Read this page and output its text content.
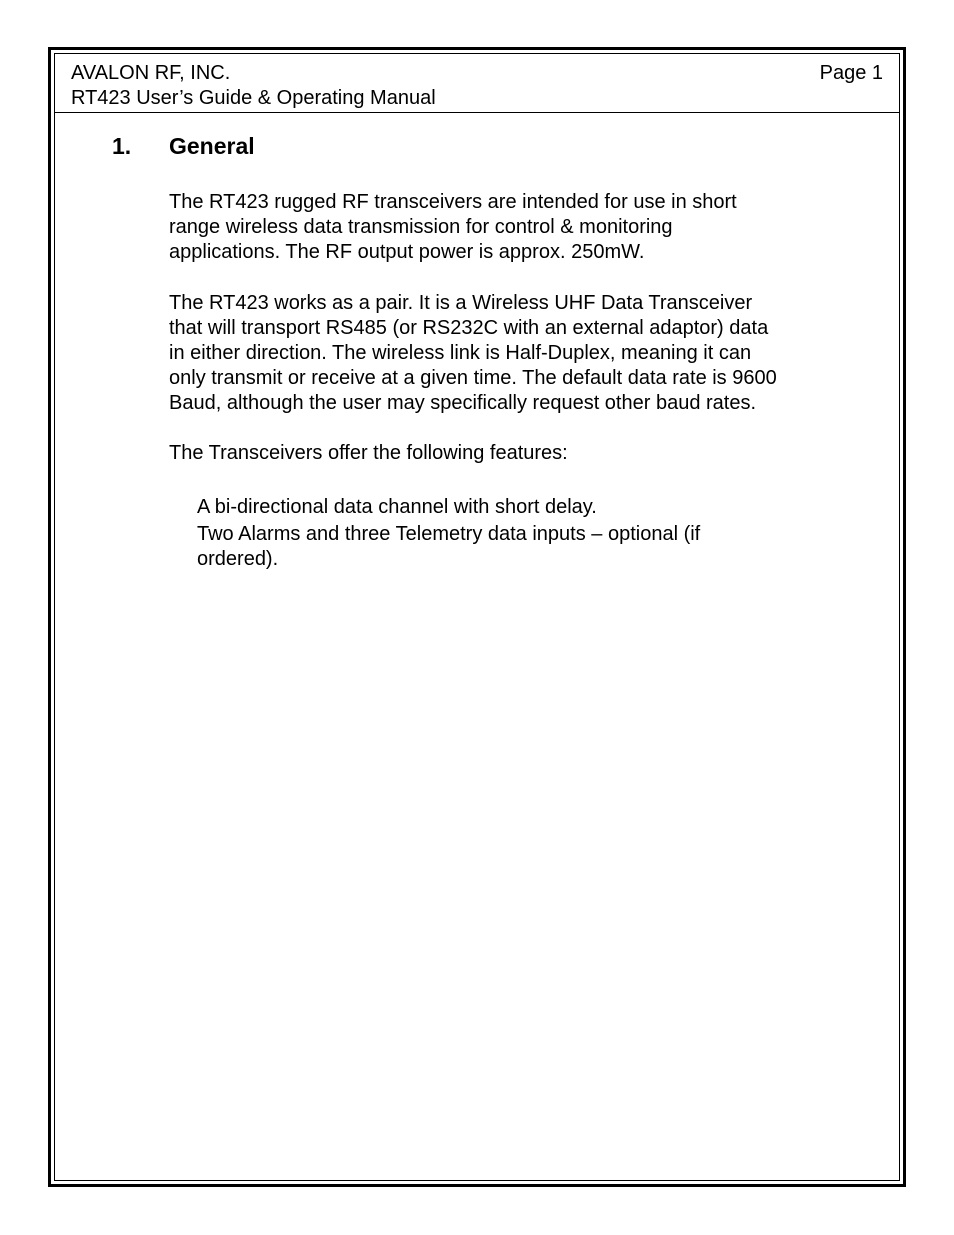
AVALON RF, INC.
RT423 User’s Guide & Operating Manual
Page 1
1. General

The RT423 rugged RF transceivers are intended for use in short

range wireless data transmission for control & monitoring

applications. The RF output power is approx. 250mW.

The RT423 works as a pair. It is a Wireless UHF Data Transceiver

that will transport RS485 (or RS232C with an external adaptor) data

in either direction. The wireless link is Half-Duplex, meaning it can

only transmit or receive at a given time. The default data rate is 9600

Baud, although the user may specifically request other baud rates.

The Transceivers offer the following features:

A bi-directional data channel with short delay.
Two Alarms and three Telemetry data inputs – optional (if
ordered).
